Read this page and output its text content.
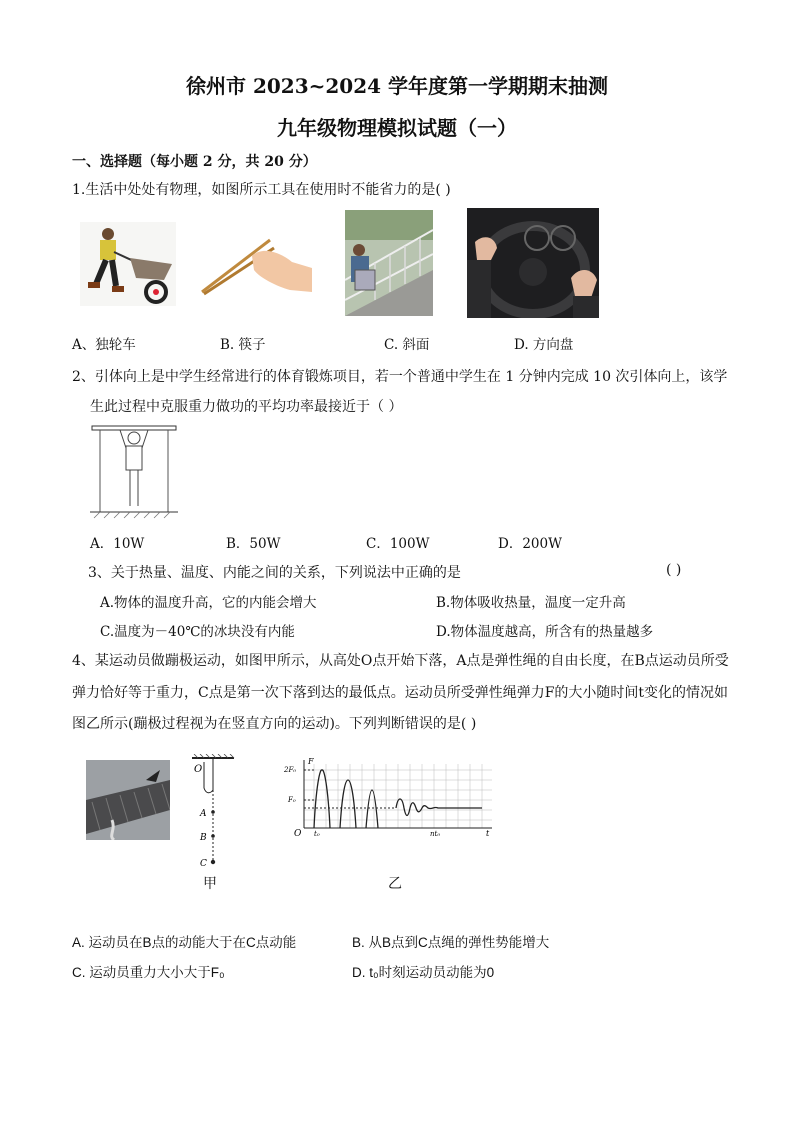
徐州市 2023~2024 学年度第一学期期末抽测
九年级物理模拟试题（一）
一、选择题（每小题 2 分，共 20 分）
1.生活中处处有物理，如图所示工具在使用时不能省力的是( )
A、独轮车	B. 筷子	C. 斜面	D. 方向盘
2、引体向上是中学生经常进行的体育锻炼项目，若一个普通中学生在 1 分钟内完成 10 次引体向上，该学
生此过程中克服重力做功的平均功率最接近于（ ）
A．10W	B．50W	C．100W	D．200W
3、关于热量、温度、内能之间的关系，下列说法中正确的是	( )
A.物体的温度升高，它的内能会增大	B.物体吸收热量，温度一定升高
C.温度为－40℃的冰块没有内能	D.物体温度越高，所含有的热量越多
4、某运动员做蹦极运动，如图甲所示，从高处O点开始下落，A点是弹性绳的自由长度，在B点运动员所受
弹力恰好等于重力，C点是第一次下落到达的最低点。运动员所受弹性绳弹力F的大小随时间t变化的情况如
图乙所示(蹦极过程视为在竖直方向的运动)。下列判断错误的是( )
O
A
B
C
甲
O
F
t
2F₀
F₀
t₀	nt₀
乙
A. 运动员在B点的动能大于在C点动能	B. 从B点到C点绳的弹性势能增大
C. 运动员重力大小大于F₀	D. t₀时刻运动员动能为0
